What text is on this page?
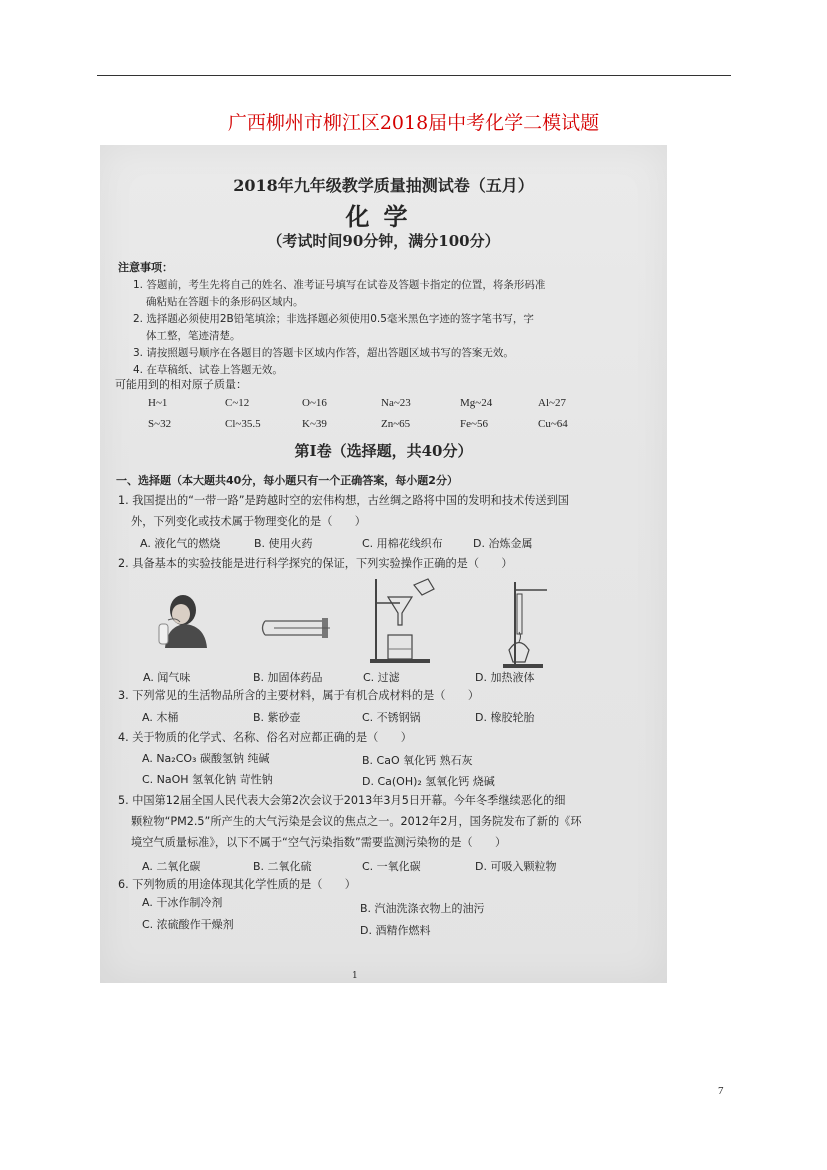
广西柳州市柳江区2018届中考化学二模试题
2018年九年级教学质量抽测试卷（五月）
化学
（考试时间90分钟，满分100分）
注意事项：
1. 答题前，考生先将自己的姓名、准考证号填写在试卷及答题卡指定的位置，将条形码准
确粘贴在答题卡的条形码区域内。
2. 选择题必须使用2B铅笔填涂；非选择题必须使用0.5毫米黑色字迹的签字笔书写，字
体工整，笔迹清楚。
3. 请按照题号顺序在各题目的答题卡区域内作答，超出答题区域书写的答案无效。
4. 在草稿纸、试卷上答题无效。
可能用到的相对原子质量：
H~1	C~12	O~16	Na~23	Mg~24	Al~27
S~32	Cl~35.5	K~39	Zn~65	Fe~56	Cu~64
第Ⅰ卷（选择题，共40分）
一、选择题（本大题共40分，每小题只有一个正确答案，每小题2分）
1. 我国提出的“一带一路”是跨越时空的宏伟构想，古丝绸之路将中国的发明和技术传送到国
外，下列变化或技术属于物理变化的是（　　）
A. 液化气的燃烧	B. 使用火药	C. 用棉花线织布	D. 冶炼金属
2. 具备基本的实验技能是进行科学探究的保证，下列实验操作正确的是（　　）
A. 闻气味	B. 加固体药品	C. 过滤	D. 加热液体
3. 下列常见的生活物品所含的主要材料，属于有机合成材料的是（　　）
A. 木桶	B. 紫砂壶	C. 不锈钢锅	D. 橡胶轮胎
4. 关于物质的化学式、名称、俗名对应都正确的是（　　）
A. Na₂CO₃ 碳酸氢钠 纯碱	B. CaO 氧化钙 熟石灰
C. NaOH 氢氧化钠 苛性钠	D. Ca(OH)₂ 氢氧化钙 烧碱
5. 中国第12届全国人民代表大会第2次会议于2013年3月5日开幕。今年冬季继续恶化的细
颗粒物“PM2.5”所产生的大气污染是会议的焦点之一。2012年2月，国务院发布了新的《环
境空气质量标准》，以下不属于“空气污染指数”需要监测污染物的是（　　）
A. 二氧化碳	B. 二氧化硫	C. 一氧化碳	D. 可吸入颗粒物
6. 下列物质的用途体现其化学性质的是（　　）
A. 干冰作制冷剂	B. 汽油洗涤衣物上的油污
C. 浓硫酸作干燥剂	D. 酒精作燃料
1
7
